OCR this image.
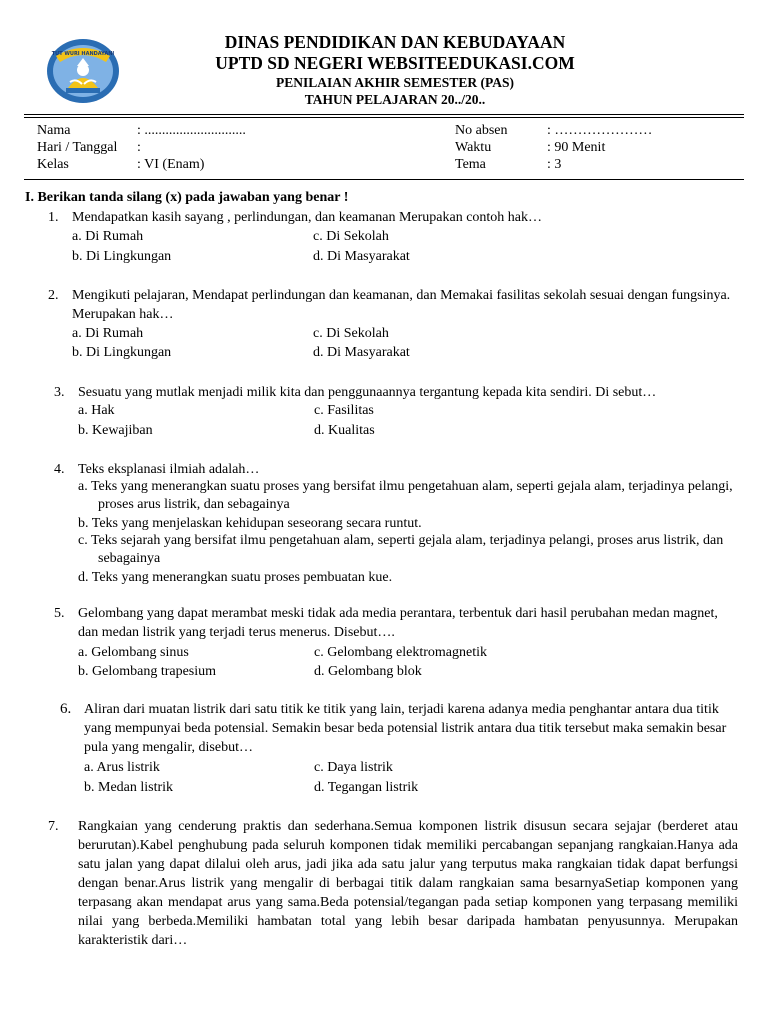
TUT WURI HANDAYANI
DINAS PENDIDIKAN DAN KEBUDAYAAN
UPTD SD NEGERI WEBSITEEDUKASI.COM
PENILAIAN AKHIR SEMESTER (PAS)
TAHUN PELAJARAN 20../20..
Nama	: .............................
Hari / Tanggal :
Kelas	: VI (Enam)
No absen	: …………………
Waktu	: 90 Menit
Tema	: 3
I. Berikan tanda silang (x) pada jawaban yang benar !
1. Mendapatkan kasih sayang , perlindungan, dan keamanan Merupakan contoh hak…
a. Di Rumah	c. Di Sekolah
b. Di Lingkungan	d. Di Masyarakat
2. Mengikuti pelajaran, Mendapat perlindungan dan keamanan, dan Memakai fasilitas sekolah sesuai dengan fungsinya. Merupakan hak…
a. Di Rumah	c. Di Sekolah
b. Di Lingkungan	d. Di Masyarakat
3. Sesuatu yang mutlak menjadi milik kita dan penggunaannya tergantung kepada kita sendiri. Di sebut…
a. Hak	c. Fasilitas
b. Kewajiban	d. Kualitas
4. Teks eksplanasi ilmiah adalah…
a. Teks yang menerangkan suatu proses yang bersifat ilmu pengetahuan alam, seperti gejala alam, terjadinya pelangi, proses arus listrik, dan sebagainya
b. Teks yang menjelaskan kehidupan seseorang secara runtut.
c. Teks sejarah yang bersifat ilmu pengetahuan alam, seperti gejala alam, terjadinya pelangi, proses arus listrik, dan sebagainya
d. Teks yang menerangkan suatu proses pembuatan kue.
5. Gelombang yang dapat merambat meski tidak ada media perantara, terbentuk dari hasil perubahan medan magnet, dan medan listrik yang terjadi terus menerus. Disebut….
a. Gelombang sinus	c. Gelombang elektromagnetik
b. Gelombang trapesium	d. Gelombang blok
6. Aliran dari muatan listrik dari satu titik ke titik yang lain, terjadi karena adanya media penghantar antara dua titik yang mempunyai beda potensial. Semakin besar beda potensial listrik antara dua titik tersebut maka semakin besar pula yang mengalir, disebut…
a. Arus listrik	c. Daya listrik
b. Medan listrik	d. Tegangan listrik
7. Rangkaian yang cenderung praktis dan sederhana.Semua komponen listrik disusun secara sejajar (berderet atau berurutan).Kabel penghubung pada seluruh komponen tidak memiliki percabangan sepanjang rangkaian.Hanya ada satu jalan yang dapat dilalui oleh arus, jadi jika ada satu jalur yang terputus maka rangkaian tidak dapat berfungsi dengan benar.Arus listrik yang mengalir di berbagai titik dalam rangkaian sama besarnyaSetiap komponen yang terpasang akan mendapat arus yang sama.Beda potensial/tegangan pada setiap komponen yang terpasang memiliki nilai yang berbeda.Memiliki hambatan total yang lebih besar daripada hambatan penyusunnya. Merupakan karakteristik dari…
